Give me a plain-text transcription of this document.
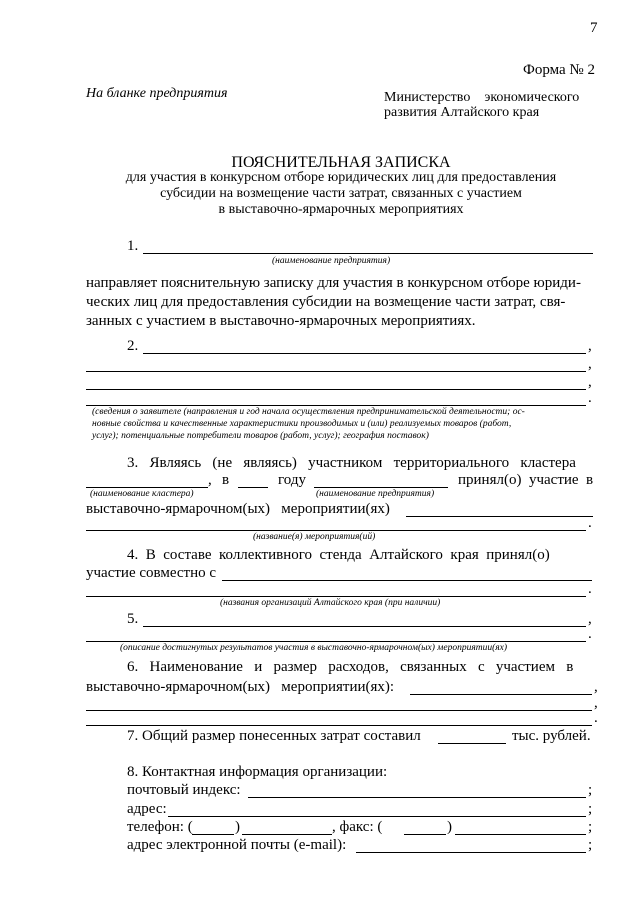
7
Форма № 2
На бланке предприятия	Министерство    экономического
развития Алтайского края
ПОЯСНИТЕЛЬНАЯ ЗАПИСКА
для участия в конкурсном отборе юридических лиц для предоставления
субсидии на возмещение части затрат, связанных с участием
в выставочно-ярмарочных мероприятиях
1.
(наименование предприятия)
направляет пояснительную записку для участия в конкурсном отборе юриди-
ческих лиц для предоставления субсидии на возмещение части затрат, свя-
занных с участием в выставочно-ярмарочных мероприятиях.
2.	,
,
,
.
(сведения о заявителе (направления и год начала осуществления предпринимательской деятельности; ос-
новные свойства и качественные характеристики производимых и (или) реализуемых товаров (работ,
услуг); потенциальные потребители товаров (работ, услуг); география поставок)
3.   Являясь   (не   являясь)   участником   территориального   кластера
, в	году	принял(о)  участие  в
(наименование кластера)	(наименование предприятия)
выставочно-ярмарочном(ых)   мероприятии(ях)
.
(название(я) мероприятия(ий)
4.  В  составе  коллективного  стенда  Алтайского  края  принял(о)
участие совместно с
.
(названия организаций Алтайского края (при наличии)
5.	,
.
(описание достигнутых результатов участия в выставочно-ярмарочном(ых) мероприятии(ях)
6.   Наименование   и   размер   расходов,   связанных   с   участием   в
выставочно-ярмарочном(ых)   мероприятии(ях):	,
,
.
7. Общий размер понесенных затрат составил	тыс. рублей.
8. Контактная информация организации:
почтовый индекс:	;
адрес:	;
телефон: (	)	, факс: (	)	;
адрес электронной почты (e-mail):	;
